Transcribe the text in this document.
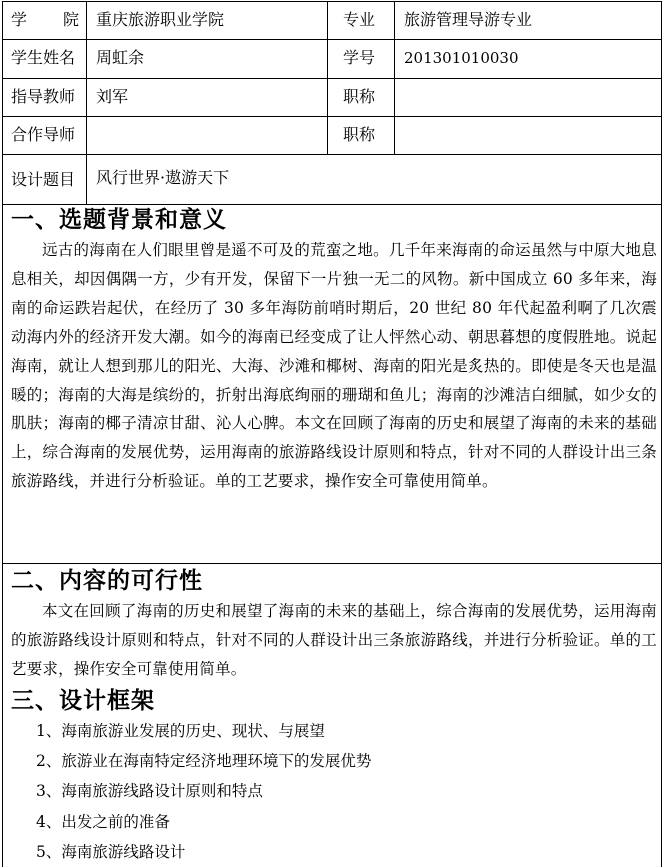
学 院 重庆旅游职业学院	专业 旅游管理导游专业
学生姓名 周虹余	学号 201301010030
指导教师 刘军	职称
合作导师	职称
设计题目 风行世界·遨游天下
一、选题背景和意义
远古的海南在人们眼里曾是遥不可及的荒蛮之地。几千年来海南的命运虽然与中原大地息息相关，却因偶隅一方，少有开发，保留下一片独一无二的风物。新中国成立 60 多年来，海南的命运跌岩起伏，在经历了 30 多年海防前哨时期后，20 世纪 80 年代起盈利啊了几次震动海内外的经济开发大潮。如今的海南已经变成了让人怦然心动、朝思暮想的度假胜地。说起海南，就让人想到那儿的阳光、大海、沙滩和椰树、海南的阳光是炙热的。即使是冬天也是温暖的；海南的大海是缤纷的，折射出海底绚丽的珊瑚和鱼儿；海南的沙滩洁白细腻，如少女的肌肤；海南的椰子清凉甘甜、沁人心脾。本文在回顾了海南的历史和展望了海南的未来的基础上，综合海南的发展优势，运用海南的旅游路线设计原则和特点，针对不同的人群设计出三条旅游路线，并进行分析验证。单的工艺要求，操作安全可靠使用简单。
二、内容的可行性
本文在回顾了海南的历史和展望了海南的未来的基础上，综合海南的发展优势，运用海南的旅游路线设计原则和特点，针对不同的人群设计出三条旅游路线，并进行分析验证。单的工艺要求，操作安全可靠使用简单。
三、设计框架
1、海南旅游业发展的历史、现状、与展望
2、旅游业在海南特定经济地理环境下的发展优势
3、海南旅游线路设计原则和特点
4、出发之前的准备
5、海南旅游线路设计
